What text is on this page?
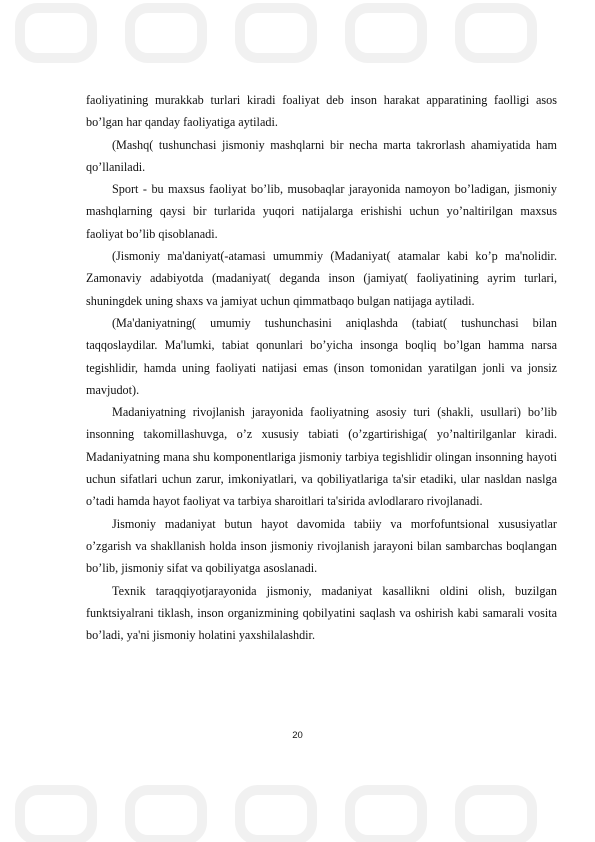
faoliyatining murakkab turlari kiradi foaliyat deb inson harakat apparatining faolligi asos bo’lgan har qanday faoliyatiga aytiladi.

(Mashq( tushunchasi jismoniy mashqlarni bir necha marta takrorlash ahamiyatida ham qo’llaniladi.

Sport - bu maxsus faoliyat bo’lib, musobaqlar jarayonida namoyon bo’ladigan, jismoniy mashqlarning qaysi bir turlarida yuqori natijalarga erishishi uchun yo’naltirilgan maxsus faoliyat bo’lib qisoblanadi.

(Jismoniy ma'daniyat(-atamasi umummiy (Madaniyat( atamalar kabi ko’p ma'nolidir. Zamonaviy adabiyotda (madaniyat( deganda inson (jamiyat( faoliyatining ayrim turlari, shuningdek uning shaxs va jamiyat uchun qimmatbaqo bulgan natijaga aytiladi.

(Ma'daniyatning( umumiy tushunchasini aniqlashda (tabiat( tushunchasi bilan taqqoslaydilar. Ma'lumki, tabiat qonunlari bo’yicha insonga boqliq bo’lgan hamma narsa tegishlidir, hamda uning faoliyati natijasi emas (inson tomonidan yaratilgan jonli va jonsiz mavjudot).

Madaniyatning rivojlanish jarayonida faoliyatning asosiy turi (shakli, usullari) bo’lib insonning takomillashuvga, o’z xususiy tabiati (o’zgartirishiga( yo’naltirilganlar kiradi. Madaniyatning mana shu komponentlariga jismoniy tarbiya tegishlidir olingan insonning hayoti uchun sifatlari uchun zarur, imkoniyatlari, va qobiliyatlariga ta'sir etadiki, ular nasldan naslga o’tadi hamda hayot faoliyat va tarbiya sharoitlari ta'sirida avlodlararo rivojlanadi.

Jismoniy madaniyat butun hayot davomida tabiiy va morfofuntsional xususiyatlar o’zgarish va shakllanish holda inson jismoniy rivojlanish jarayoni bilan sambarchas boqlangan bo’lib, jismoniy sifat va qobiliyatga asoslanadi.

Texnik taraqqiyotjarayonida jismoniy, madaniyat kasallikni oldini olish, buzilgan funktsiyalrani tiklash, inson organizmining qobilyatini saqlash va oshirish kabi samarali vosita bo’ladi, ya'ni jismoniy holatini yaxshilalashdir.

20
